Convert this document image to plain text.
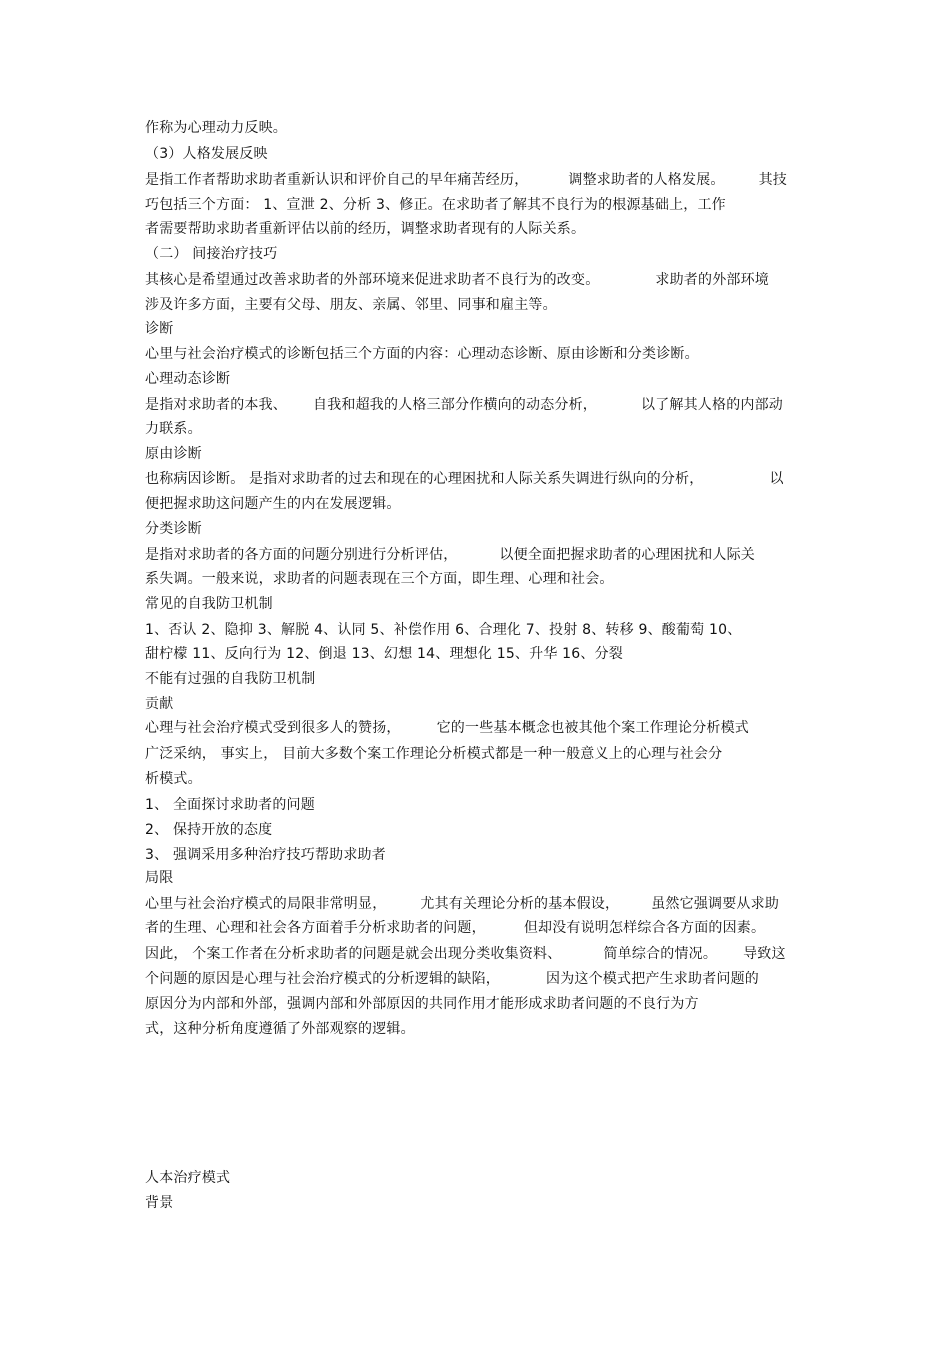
作称为心理动力反映。
（3）人格发展反映
是指工作者帮助求助者重新认识和评价自己的早年痛苦经历，	调整求助者的人格发展。 其技
巧包括三个方面： 1、宣泄 2、分析 3、修正。在求助者了解其不良行为的根源基础上，工作
者需要帮助求助者重新评估以前的经历，调整求助者现有的人际关系。
（二） 间接治疗技巧
其核心是希望通过改善求助者的外部环境来促进求助者不良行为的改变。	求助者的外部环境
涉及许多方面，主要有父母、朋友、亲属、邻里、同事和雇主等。
诊断
心里与社会治疗模式的诊断包括三个方面的内容：心理动态诊断、原由诊断和分类诊断。
心理动态诊断
是指对求助者的本我、 自我和超我的人格三部分作横向的动态分析，	以了解其人格的内部动
力联系。
原由诊断
也称病因诊断。 是指对求助者的过去和现在的心理困扰和人际关系失调进行纵向的分析，	以
便把握求助这问题产生的内在发展逻辑。
分类诊断
是指对求助者的各方面的问题分别进行分析评估，	以便全面把握求助者的心理困扰和人际关
系失调。一般来说，求助者的问题表现在三个方面，即生理、心理和社会。
常见的自我防卫机制
1、否认 2、隐抑 3、解脱 4、认同 5、补偿作用 6、合理化 7、投射 8、转移 9、酸葡萄 10、
甜柠檬 11、反向行为 12、倒退 13、幻想 14、理想化 15、升华 16、分裂
不能有过强的自我防卫机制
贡献
心理与社会治疗模式受到很多人的赞扬，	它的一些基本概念也被其他个案工作理论分析模式
广泛采纳， 事实上， 目前大多数个案工作理论分析模式都是一种一般意义上的心理与社会分
析模式。
1、 全面探讨求助者的问题
2、 保持开放的态度
3、 强调采用多种治疗技巧帮助求助者
局限
心里与社会治疗模式的局限非常明显， 尤其有关理论分析的基本假设， 虽然它强调要从求助
者的生理、心理和社会各方面着手分析求助者的问题，	但却没有说明怎样综合各方面的因素。
因此， 个案工作者在分析求助者的问题是就会出现分类收集资料、	简单综合的情况。 导致这
个问题的原因是心理与社会治疗模式的分析逻辑的缺陷，	因为这个模式把产生求助者问题的
原因分为内部和外部，强调内部和外部原因的共同作用才能形成求助者问题的不良行为方
式，这种分析角度遵循了外部观察的逻辑。
人本治疗模式
背景
